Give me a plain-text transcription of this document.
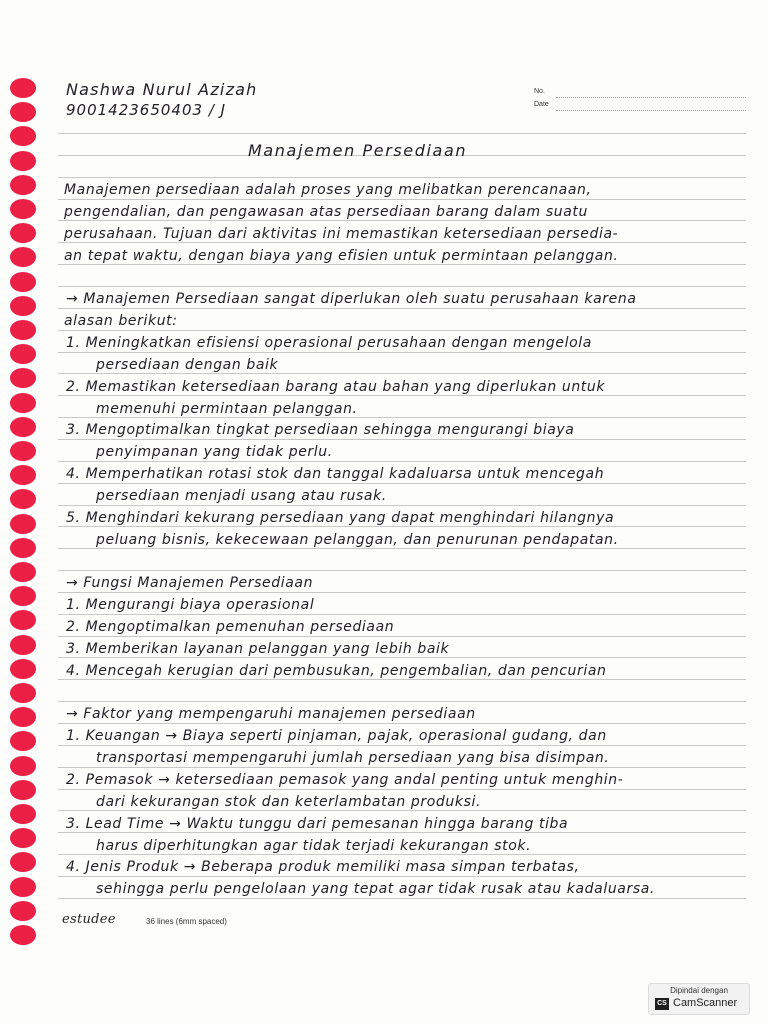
Nashwa Nurul Azizah
9001423650403 / J
No.
Date
Manajemen Persediaan
Manajemen persediaan adalah proses yang melibatkan perencanaan,
pengendalian, dan pengawasan atas persediaan barang dalam suatu
perusahaan. Tujuan dari aktivitas ini memastikan ketersediaan persedia-
an tepat waktu, dengan biaya yang efisien untuk permintaan pelanggan.
→ Manajemen Persediaan sangat diperlukan oleh suatu perusahaan karena
alasan berikut:
1. Meningkatkan efisiensi operasional perusahaan dengan mengelola
persediaan dengan baik
2. Memastikan ketersediaan barang atau bahan yang diperlukan untuk
memenuhi permintaan pelanggan.
3. Mengoptimalkan tingkat persediaan sehingga mengurangi biaya
penyimpanan yang tidak perlu.
4. Memperhatikan rotasi stok dan tanggal kadaluarsa untuk mencegah
persediaan menjadi usang atau rusak.
5. Menghindari kekurang persediaan yang dapat menghindari hilangnya
peluang bisnis, kekecewaan pelanggan, dan penurunan pendapatan.
→ Fungsi Manajemen Persediaan
1. Mengurangi biaya operasional
2. Mengoptimalkan pemenuhan persediaan
3. Memberikan layanan pelanggan yang lebih baik
4. Mencegah kerugian dari pembusukan, pengembalian, dan pencurian
→ Faktor yang mempengaruhi manajemen persediaan
1. Keuangan → Biaya seperti pinjaman, pajak, operasional gudang, dan
transportasi mempengaruhi jumlah persediaan yang bisa disimpan.
2. Pemasok → ketersediaan pemasok yang andal penting untuk menghin-
dari kekurangan stok dan keterlambatan produksi.
3. Lead Time → Waktu tunggu dari pemesanan hingga barang tiba
harus diperhitungkan agar tidak terjadi kekurangan stok.
4. Jenis Produk → Beberapa produk memiliki masa simpan terbatas,
sehingga perlu pengelolaan yang tepat agar tidak rusak atau kadaluarsa.
estudee	36 lines (6mm spaced)
Dipindai dengan
CS CamScanner
